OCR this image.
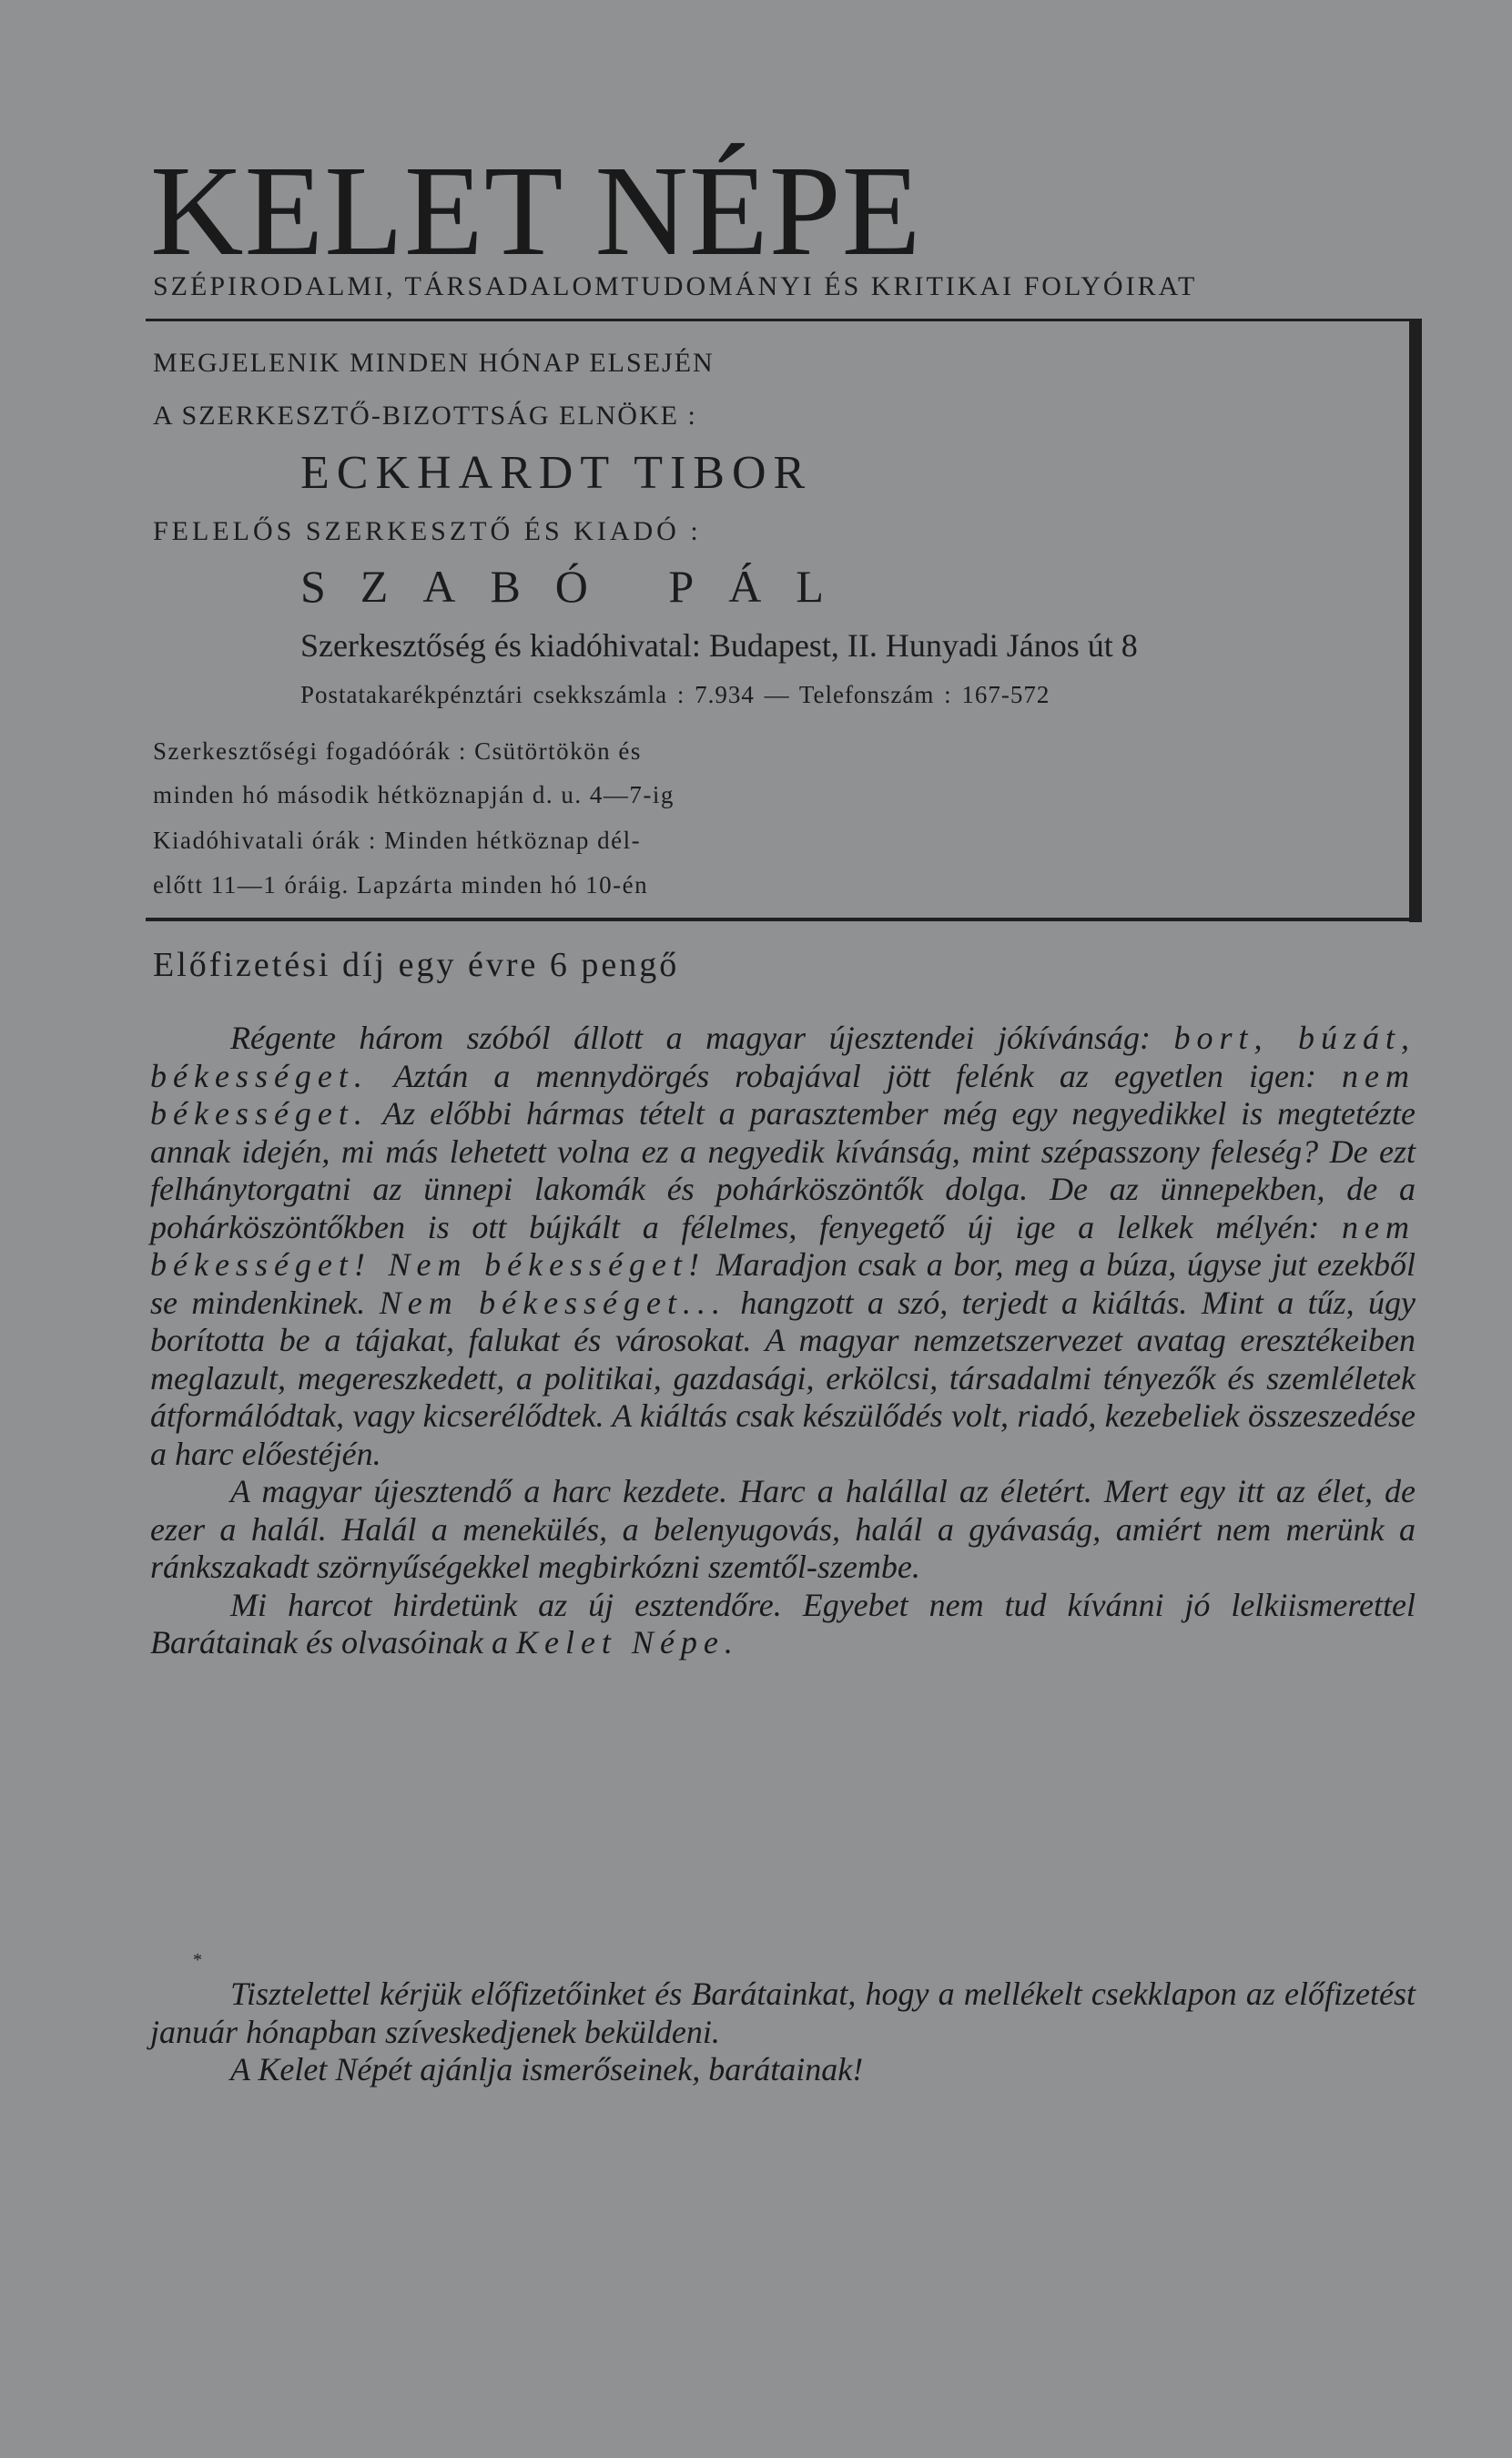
KELET NÉPE
SZÉPIRODALMI, TÁRSADALOMTUDOMÁNYI ÉS KRITIKAI FOLYÓIRAT
MEGJELENIK MINDEN HÓNAP ELSEJÉN
A SZERKESZTŐ-BIZOTTSÁG ELNÖKE :
ECKHARDT TIBOR
FELELŐS SZERKESZTŐ ÉS KIADÓ :
SZABÓ PÁL
Szerkesztőség és kiadóhivatal: Budapest, II. Hunyadi János út 8
Postatakarékpénztári csekkszámla : 7.934 — Telefonszám : 167-572
Szerkesztőségi fogadóórák : Csütörtökön és
minden hó második hétköznapján d. u. 4—7-ig
Kiadóhivatali órák : Minden hétköznap dél-
előtt 11—1 óráig. Lapzárta minden hó 10-én
Előfizetési díj egy évre 6 pengő

Régente három szóból állott a magyar újesztendei jókívánság: bort, búzát, békességet. Aztán a mennydörgés robajával jött felénk az egyetlen igen: nem békességet. Az előbbi hármas tételt a parasztember még egy negyedikkel is megtetézte annak idején, mi más lehetett volna ez a negyedik kívánság, mint szépasszony feleség? De ezt felhánytorgatni az ünnepi lakomák és pohárköszöntők dolga. De az ünnepekben, de a pohárköszöntőkben is ott bújkált a félelmes, fenyegető új ige a lelkek mélyén: nem békességet! Nem békességet! Maradjon csak a bor, meg a búza, úgyse jut ezekből se mindenkinek. Nem békességet... hangzott a szó, terjedt a kiáltás. Mint a tűz, úgy borította be a tájakat, falukat és városokat. A magyar nemzetszervezet avatag eresztékeiben meglazult, megereszkedett, a politikai, gazdasági, erkölcsi, társadalmi tényezők és szemléletek átformálódtak, vagy kicserélődtek. A kiáltás csak készülődés volt, riadó, kezebeliek összeszedése a harc előestéjén.

A magyar újesztendő a harc kezdete. Harc a halállal az életért. Mert egy itt az élet, de ezer a halál. Halál a menekülés, a belenyugovás, halál a gyávaság, amiért nem merünk a ránkszakadt szörnyűségekkel megbirkózni szemtől-szembe.

Mi harcot hirdetünk az új esztendőre. Egyebet nem tud kívánni jó lelkiismerettel Barátainak és olvasóinak a Kelet Népe.

*

Tisztelettel kérjük előfizetőinket és Barátainkat, hogy a mellékelt csekklapon az előfizetést január hónapban szíveskedjenek beküldeni.

A Kelet Népét ajánlja ismerőseinek, barátainak!
